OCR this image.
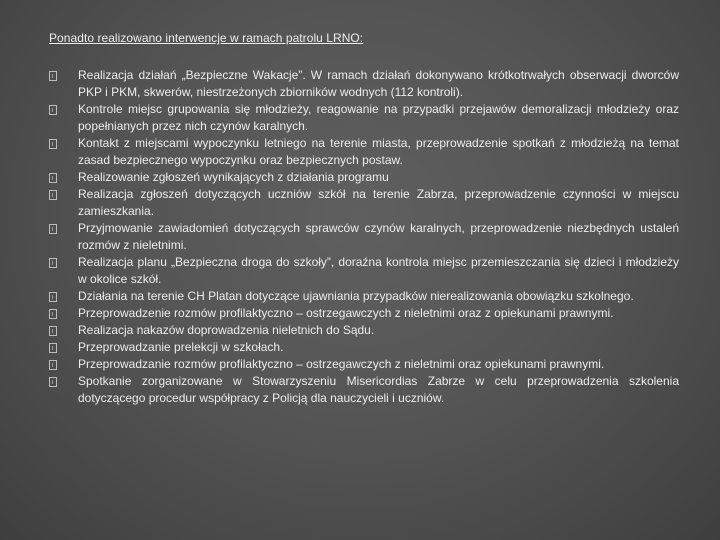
Ponadto realizowano interwencje w ramach patrolu LRNO:
Realizacja działań „Bezpieczne Wakacje”. W ramach działań dokonywano krótkotrwałych obserwacji dworców PKP i PKM, skwerów, niestrzeżonych zbiorników wodnych (112 kontroli).
Kontrole miejsc grupowania się młodzieży, reagowanie na przypadki przejawów demoralizacji młodzieży oraz popełnianych przez nich czynów karalnych.
Kontakt z miejscami wypoczynku letniego na terenie miasta, przeprowadzenie spotkań z młodzieżą na temat zasad bezpiecznego wypoczynku oraz bezpiecznych postaw.
Realizowanie zgłoszeń wynikających z działania programu
Realizacja zgłoszeń dotyczących uczniów szkół na terenie Zabrza, przeprowadzenie czynności w miejscu zamieszkania.
Przyjmowanie zawiadomień dotyczących sprawców czynów karalnych, przeprowadzenie niezbędnych ustaleń rozmów z nieletnimi.
Realizacja planu „Bezpieczna droga do szkoły”, doraźna kontrola miejsc przemieszczania się dzieci i młodzieży w okolice szkół.
Działania na terenie CH Platan dotyczące ujawniania przypadków nierealizowania obowiązku szkolnego.
Przeprowadzenie rozmów profilaktyczno – ostrzegawczych z nieletnimi oraz z opiekunami prawnymi.
Realizacja nakazów doprowadzenia nieletnich do Sądu.
Przeprowadzanie prelekcji w szkołach.
Przeprowadzanie rozmów profilaktyczno – ostrzegawczych z nieletnimi oraz opiekunami prawnymi.
Spotkanie zorganizowane w Stowarzyszeniu Misericordias Zabrze w celu przeprowadzenia szkolenia dotyczącego procedur współpracy z Policją dla nauczycieli i uczniów.
